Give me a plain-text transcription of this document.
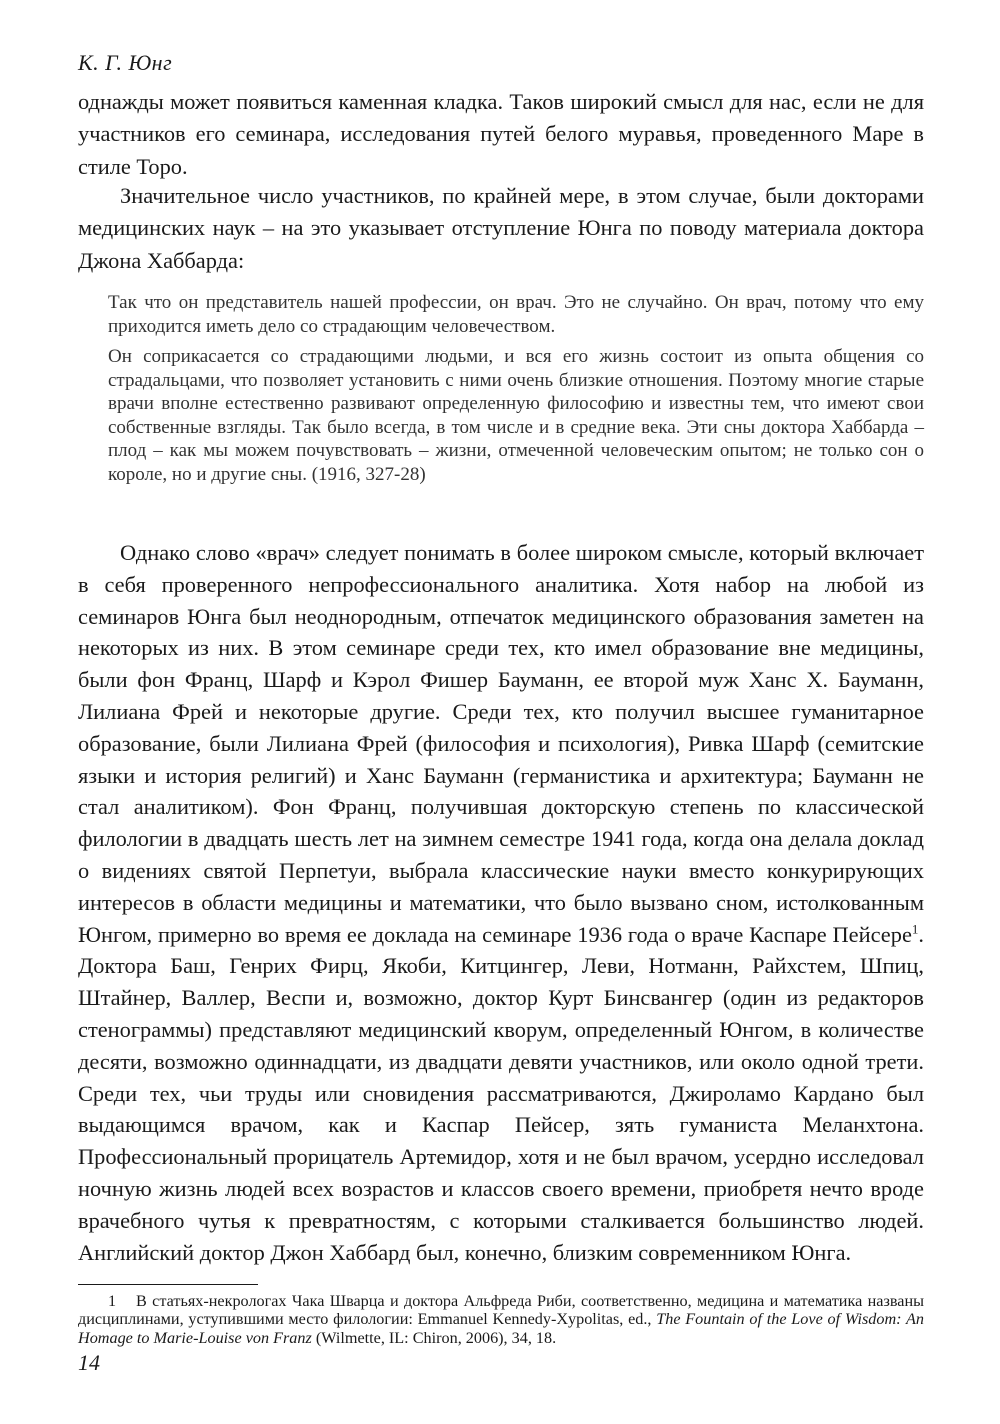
К. Г. Юнг

однажды может появиться каменная кладка. Таков широкий смысл для нас, если не для участников его семинара, исследования путей белого муравья, проведенного Маре в стиле Торо.

Значительное число участников, по крайней мере, в этом случае, были докторами медицинских наук – на это указывает отступление Юнга по поводу материала доктора Джона Хаббарда:

Так что он представитель нашей профессии, он врач. Это не случайно. Он врач, потому что ему приходится иметь дело со страдающим человечеством.

Он соприкасается со страдающими людьми, и вся его жизнь состоит из опыта общения со страдальцами, что позволяет установить с ними очень близкие отношения. Поэтому многие старые врачи вполне естественно развивают определенную философию и известны тем, что имеют свои собственные взгляды. Так было всегда, в том числе и в средние века. Эти сны доктора Хаббарда – плод – как мы можем почувствовать – жизни, отмеченной человеческим опытом; не только сон о короле, но и другие сны. (1916, 327-28)

Однако слово «врач» следует понимать в более широком смысле, который включает в себя проверенного непрофессионального аналитика. Хотя набор на любой из семинаров Юнга был неоднородным, отпечаток медицинского образования заметен на некоторых из них. В этом семинаре среди тех, кто имел образование вне медицины, были фон Франц, Шарф и Кэрол Фишер Бауманн, ее второй муж Ханс Х. Бауманн, Лилиана Фрей и некоторые другие. Среди тех, кто получил высшее гуманитарное образование, были Лилиана Фрей (философия и психология), Ривка Шарф (семитские языки и история религий) и Ханс Бауманн (германистика и архитектура; Бауманн не стал аналитиком). Фон Франц, получившая докторскую степень по классической филологии в двадцать шесть лет на зимнем семестре 1941 года, когда она делала доклад о видениях святой Перпетуи, выбрала классические науки вместо конкурирующих интересов в области медицины и математики, что было вызвано сном, истолкованным Юнгом, примерно во время ее доклада на семинаре 1936 года о враче Каспаре Пейсере$^1$. Доктора Баш, Генрих Фирц, Якоби, Китцингер, Леви, Нотманн, Райхстем, Шпиц, Штайнер, Валлер, Веспи и, возможно, доктор Курт Бинсвангер (один из редакторов стенограммы) представляют медицинский кворум, определенный Юнгом, в количестве десяти, возможно одиннадцати, из двадцати девяти участников, или около одной трети. Среди тех, чьи труды или сновидения рассматриваются, Джироламо Кардано был выдающимся врачом, как и Каспар Пейсер, зять гуманиста Меланхтона. Профессиональный прорицатель Артемидор, хотя и не был врачом, усердно исследовал ночную жизнь людей всех возрастов и классов своего времени, приобретя нечто вроде врачебного чутья к превратностям, с которыми сталкивается большинство людей. Английский доктор Джон Хаббард был, конечно, близким современником Юнга.

1 В статьях-некрологах Чака Шварца и доктора Альфреда Риби, соответственно, медицина и математика названы дисциплинами, уступившими место филологии: Emmanuel Kennedy-Xypolitas, ed., The Fountain of the Love of Wisdom: An Homage to Marie-Louise von Franz (Wilmette, IL: Chiron, 2006), 34, 18.

14
